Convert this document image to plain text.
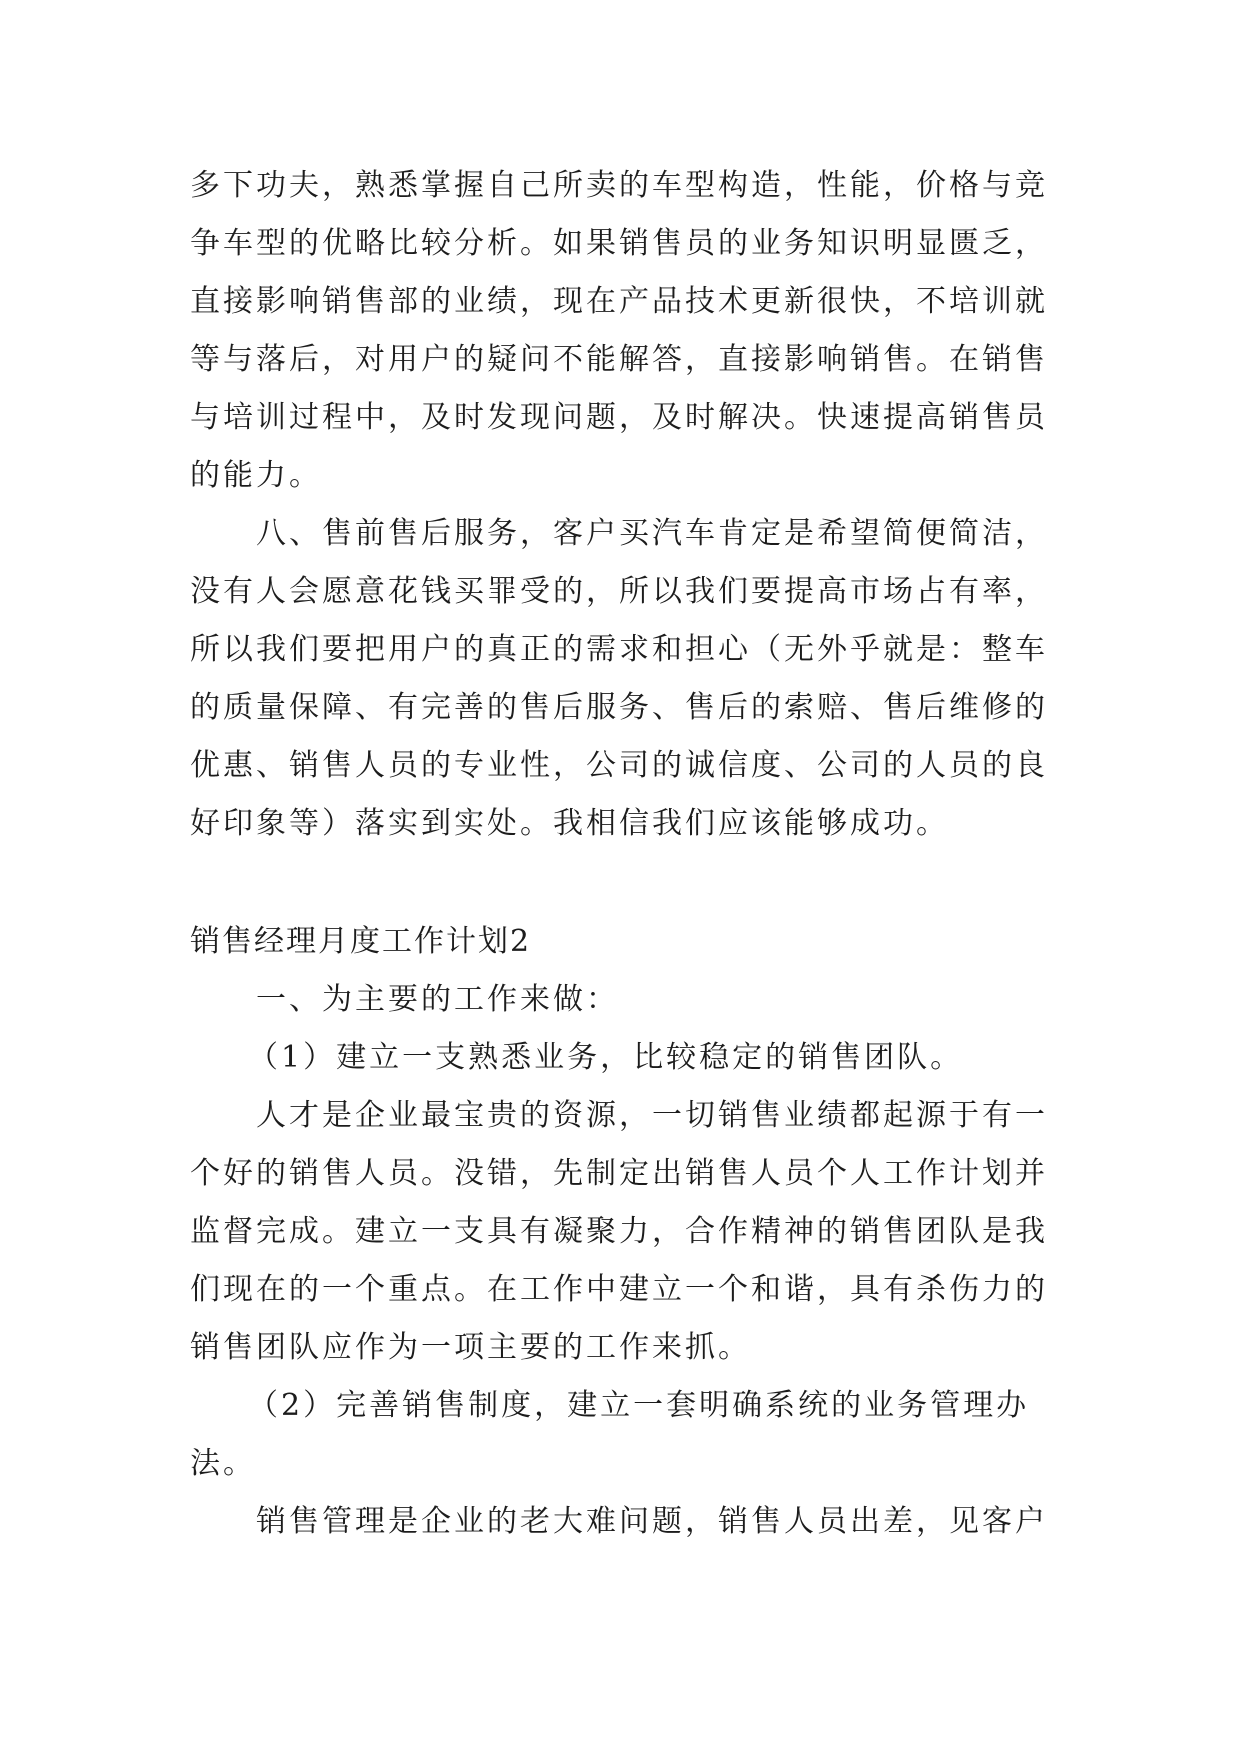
多下功夫，熟悉掌握自己所卖的车型构造，性能，价格与竞
争车型的优略比较分析。如果销售员的业务知识明显匮乏，
直接影响销售部的业绩，现在产品技术更新很快，不培训就
等与落后，对用户的疑问不能解答，直接影响销售。在销售
与培训过程中，及时发现问题，及时解决。快速提高销售员
的能力。
八、售前售后服务，客户买汽车肯定是希望简便简洁，
没有人会愿意花钱买罪受的，所以我们要提高市场占有率，
所以我们要把用户的真正的需求和担心（无外乎就是：整车
的质量保障、有完善的售后服务、售后的索赔、售后维修的
优惠、销售人员的专业性，公司的诚信度、公司的人员的良
好印象等）落实到实处。我相信我们应该能够成功。
销售经理月度工作计划2
一、为主要的工作来做：
（1）建立一支熟悉业务，比较稳定的销售团队。
人才是企业最宝贵的资源，一切销售业绩都起源于有一
个好的销售人员。没错，先制定出销售人员个人工作计划并
监督完成。建立一支具有凝聚力，合作精神的销售团队是我
们现在的一个重点。在工作中建立一个和谐，具有杀伤力的
销售团队应作为一项主要的工作来抓。
（2）完善销售制度，建立一套明确系统的业务管理办
法。
销售管理是企业的老大难问题，销售人员出差，见客户
